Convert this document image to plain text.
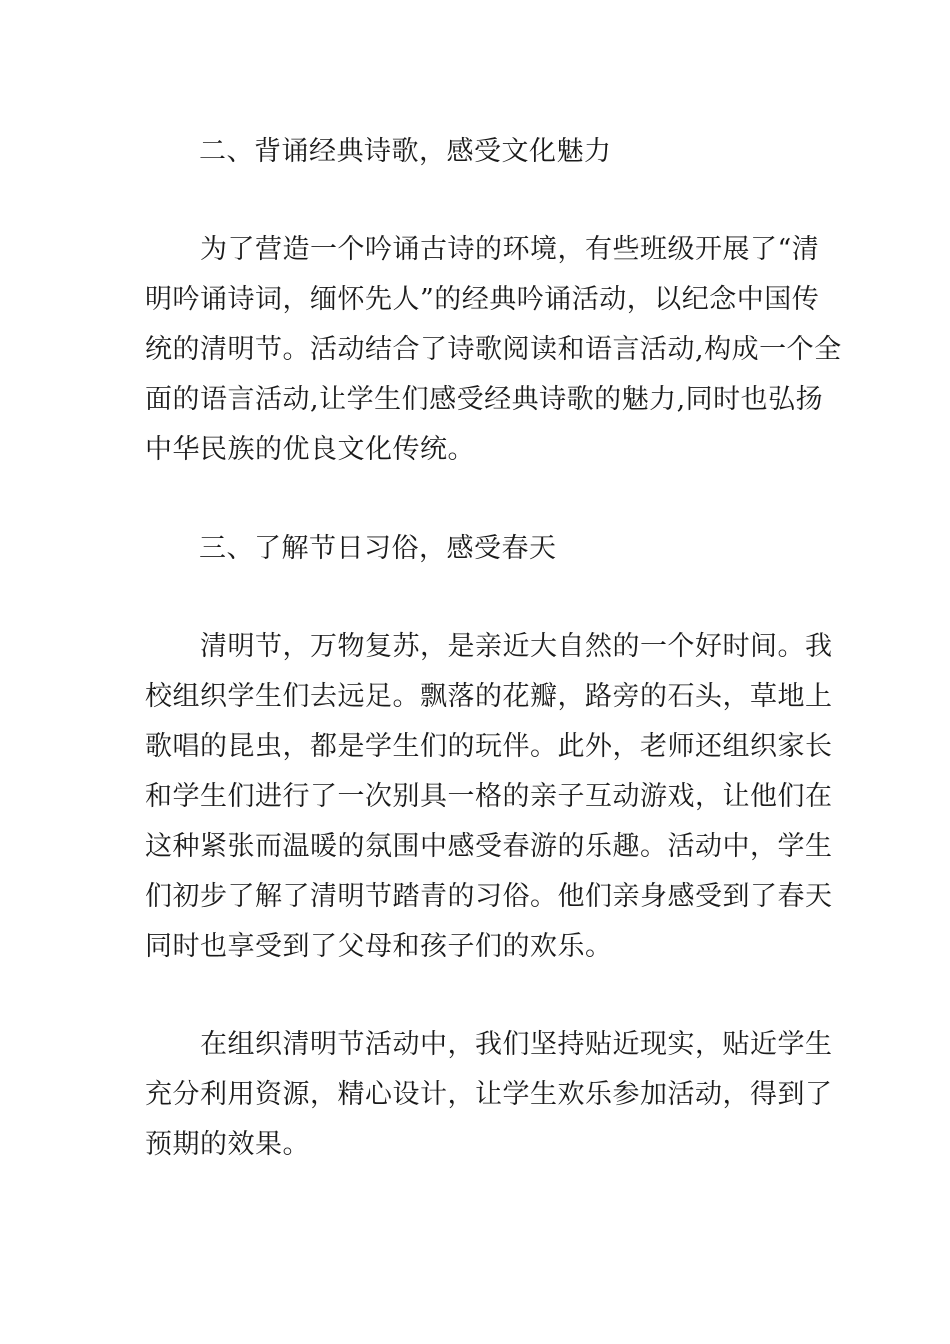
二、背诵经典诗歌，感受文化魅力
　　为了营造一个吟诵古诗的环境，有些班级开展了“清
明吟诵诗词，缅怀先人”的经典吟诵活动，以纪念中国传
统的清明节。活动结合了诗歌阅读和语言活动,构成一个全
面的语言活动,让学生们感受经典诗歌的魅力,同时也弘扬
中华民族的优良文化传统。
三、了解节日习俗，感受春天
　　清明节，万物复苏，是亲近大自然的一个好时间。我
校组织学生们去远足。飘落的花瓣，路旁的石头，草地上
歌唱的昆虫，都是学生们的玩伴。此外，老师还组织家长
和学生们进行了一次别具一格的亲子互动游戏，让他们在
这种紧张而温暖的氛围中感受春游的乐趣。活动中，学生
们初步了解了清明节踏青的习俗。他们亲身感受到了春天
同时也享受到了父母和孩子们的欢乐。
　　在组织清明节活动中，我们坚持贴近现实，贴近学生
充分利用资源，精心设计，让学生欢乐参加活动，得到了
预期的效果。
